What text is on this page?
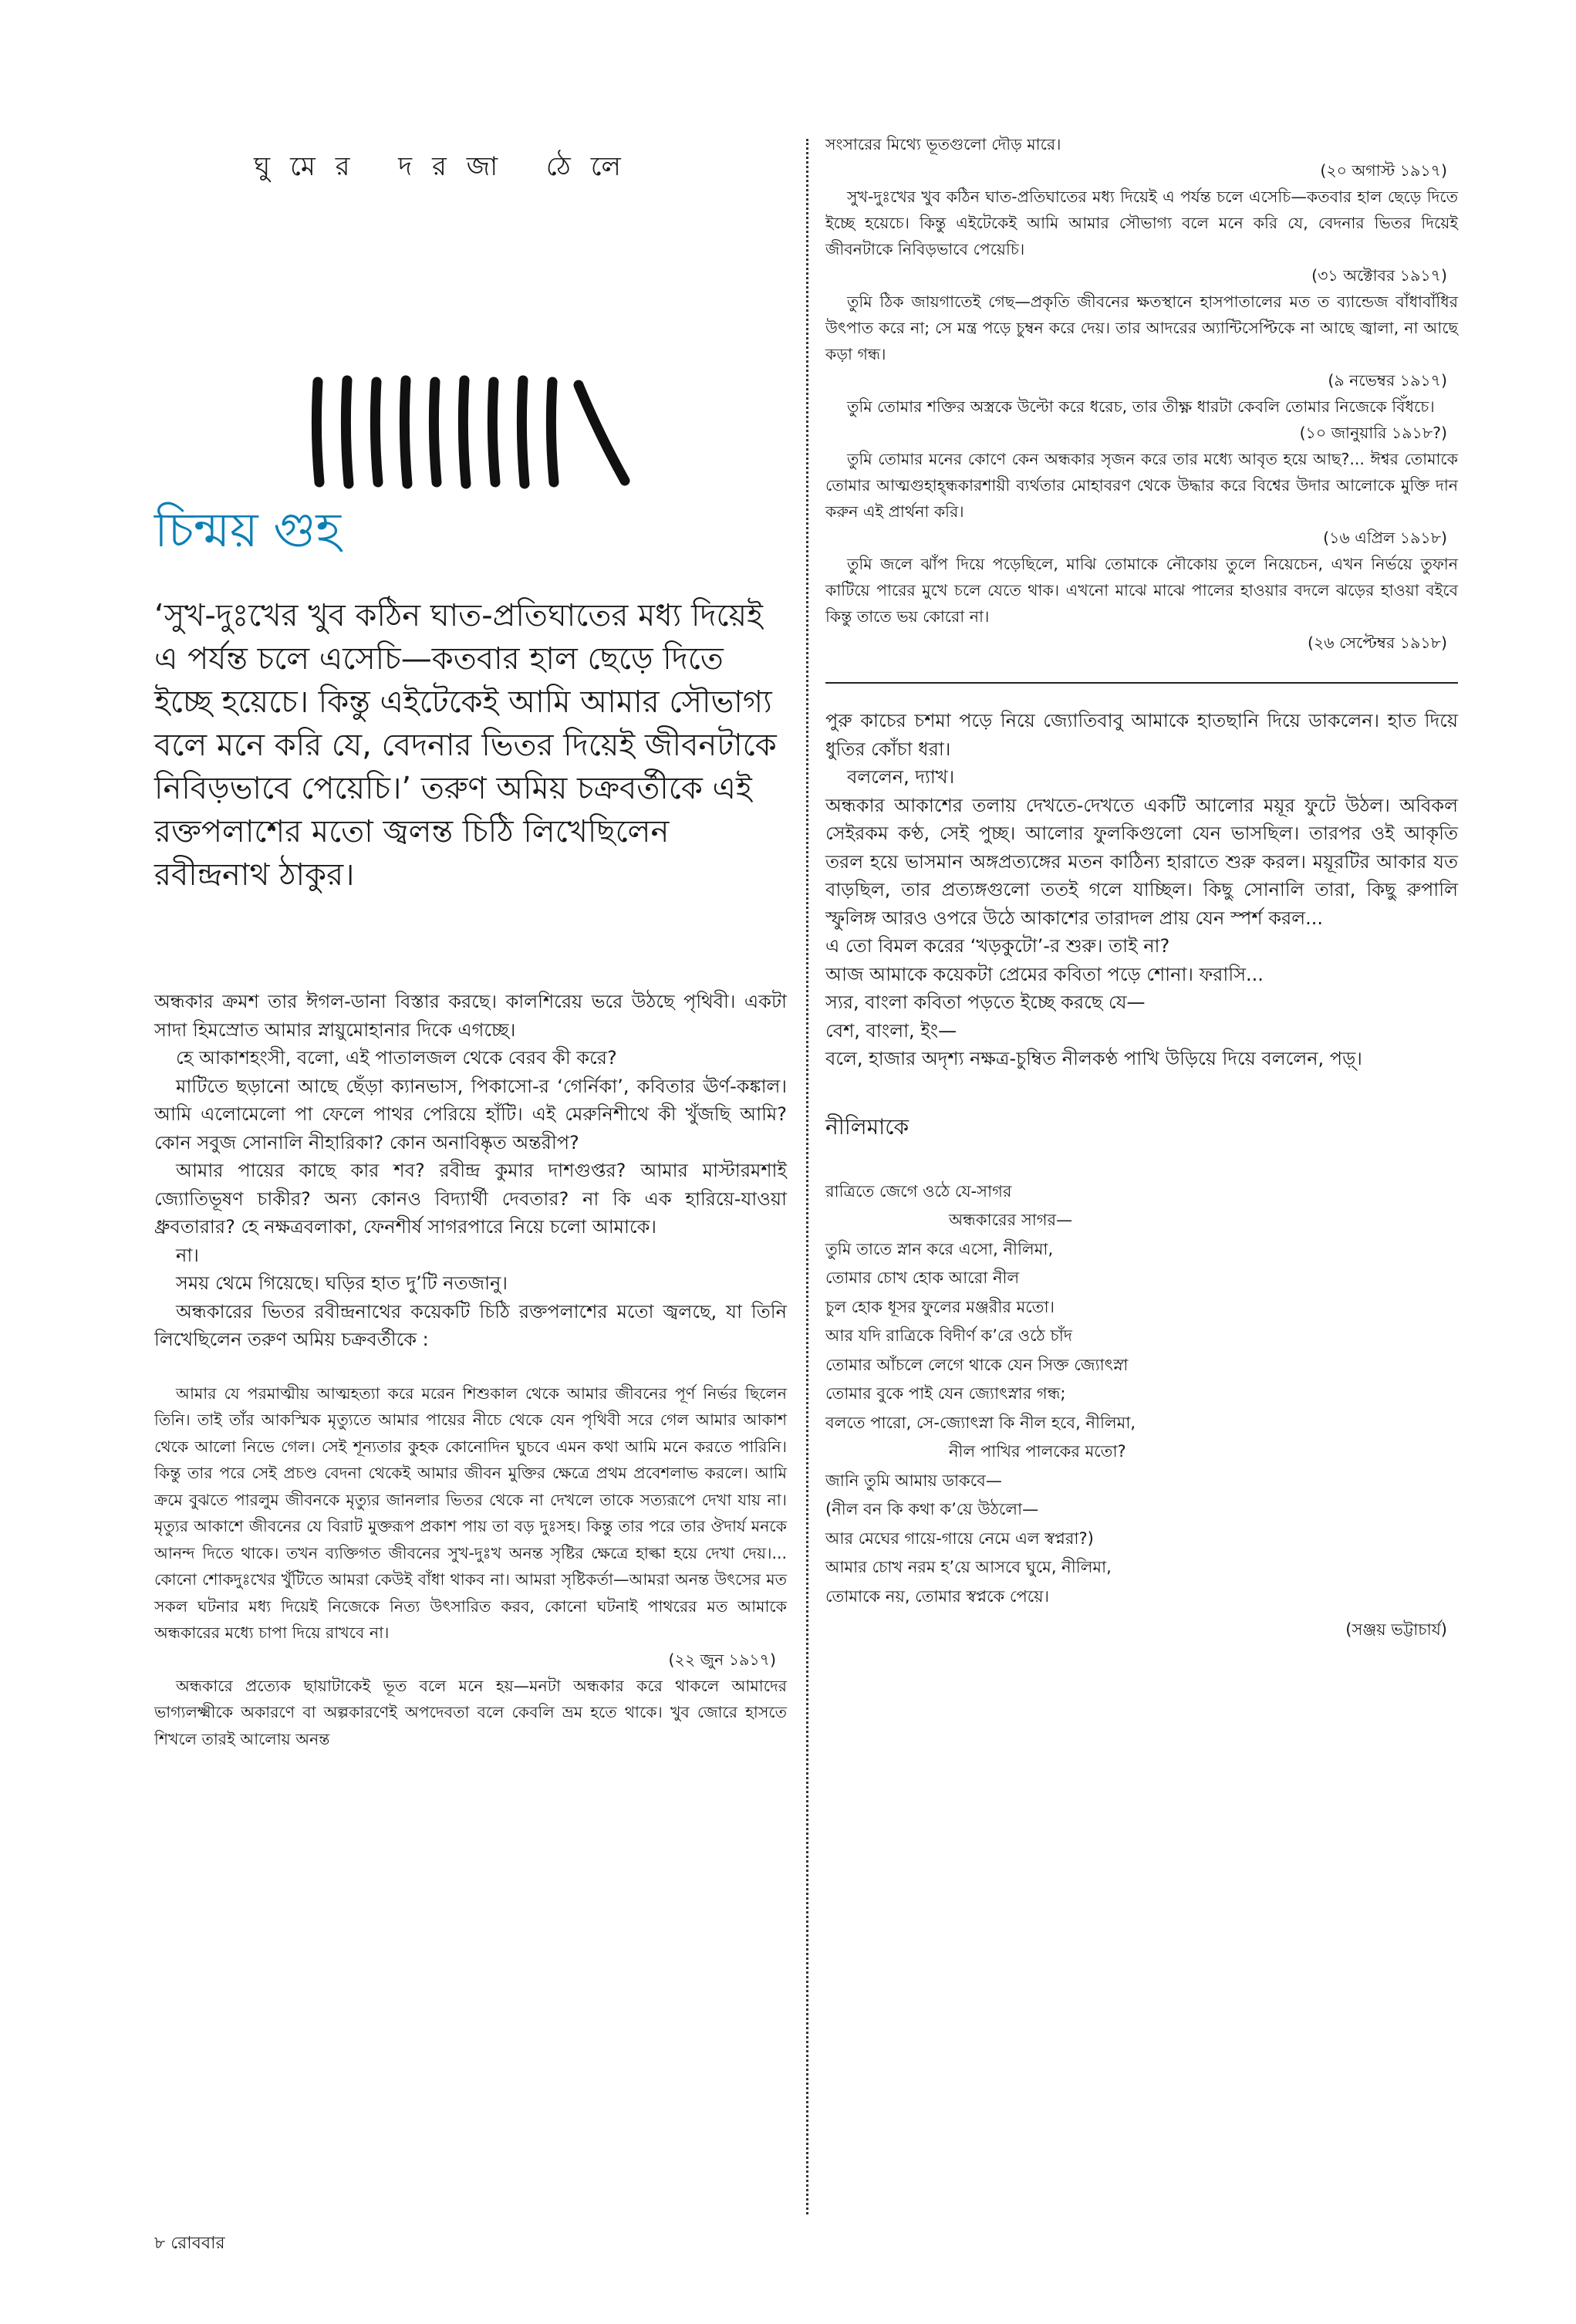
ঘুমের দরজা ঠেলে
চিন্ময় গুহ
‘সুখ-দুঃখের খুব কঠিন ঘাত-প্রতিঘাতের মধ্য দিয়েই এ পর্যন্ত চলে এসেচি—কতবার হাল ছেড়ে দিতে ইচ্ছে হয়েচে। কিন্তু এইটেকেই আমি আমার সৌভাগ্য বলে মনে করি যে, বেদনার ভিতর দিয়েই জীবনটাকে নিবিড়ভাবে পেয়েচি।’ তরুণ অমিয় চক্রবর্তীকে এই রক্তপলাশের মতো জ্বলন্ত চিঠি লিখেছিলেন রবীন্দ্রনাথ ঠাকুর।

অন্ধকার ক্রমশ তার ঈগল-ডানা বিস্তার করছে। কালশিরেয় ভরে উঠছে পৃথিবী। একটা সাদা হিমস্রোত আমার স্নায়ুমোহানার দিকে এগচ্ছে।

হে আকাশহংসী, বলো, এই পাতালজল থেকে বেরব কী করে?

মাটিতে ছড়ানো আছে ছেঁড়া ক্যানভাস, পিকাসো-র ‘গের্নিকা’, কবিতার ঊর্ণ-কঙ্কাল। আমি এলোমেলো পা ফেলে পাথর পেরিয়ে হাঁটি। এই মেরুনিশীথে কী খুঁজছি আমি? কোন সবুজ সোনালি নীহারিকা? কোন অনাবিষ্কৃত অন্তরীপ?

আমার পায়ের কাছে কার শব? রবীন্দ্র কুমার দাশগুপ্তর? আমার মাস্টারমশাই জ্যোতিভূষণ চাকীর? অন্য কোনও বিদ্যার্থী দেবতার? না কি এক হারিয়ে-যাওয়া ধ্রুবতারার? হে নক্ষত্রবলাকা, ফেনশীর্ষ সাগরপারে নিয়ে চলো আমাকে।

না।

সময় থেমে গিয়েছে। ঘড়ির হাত দু’টি নতজানু।

অন্ধকারের ভিতর রবীন্দ্রনাথের কয়েকটি চিঠি রক্তপলাশের মতো জ্বলছে, যা তিনি লিখেছিলেন তরুণ অমিয় চক্রবর্তীকে :

আমার যে পরমাত্মীয় আত্মহত্যা করে মরেন শিশুকাল থেকে আমার জীবনের পূর্ণ নির্ভর ছিলেন তিনি। তাই তাঁর আকস্মিক মৃত্যুতে আমার পায়ের নীচে থেকে যেন পৃথিবী সরে গেল আমার আকাশ থেকে আলো নিভে গেল। সেই শূন্যতার কুহক কোনোদিন ঘুচবে এমন কথা আমি মনে করতে পারিনি। কিন্তু তার পরে সেই প্রচণ্ড বেদনা থেকেই আমার জীবন মুক্তির ক্ষেত্রে প্রথম প্রবেশলাভ করলে। আমি ক্রমে বুঝতে পারলুম জীবনকে মৃত্যুর জানলার ভিতর থেকে না দেখলে তাকে সত্যরূপে দেখা যায় না। মৃত্যুর আকাশে জীবনের যে বিরাট মুক্তরূপ প্রকাশ পায় তা বড় দুঃসহ। কিন্তু তার পরে তার ঔদার্য মনকে আনন্দ দিতে থাকে। তখন ব্যক্তিগত জীবনের সুখ-দুঃখ অনন্ত সৃষ্টির ক্ষেত্রে হাল্কা হয়ে দেখা দেয়।... কোনো শোকদুঃখের খুঁটিতে আমরা কেউই বাঁধা থাকব না। আমরা সৃষ্টিকর্তা—আমরা অনন্ত উৎসের মত সকল ঘটনার মধ্য দিয়েই নিজেকে নিত্য উৎসারিত করব, কোনো ঘটনাই পাথরের মত আমাকে অন্ধকারের মধ্যে চাপা দিয়ে রাখবে না।

(২২ জুন ১৯১৭)

অন্ধকারে প্রত্যেক ছায়াটাকেই ভূত বলে মনে হয়—মনটা অন্ধকার করে থাকলে আমাদের ভাগ্যলক্ষ্মীকে অকারণে বা অল্পকারণেই অপদেবতা বলে কেবলি ভ্রম হতে থাকে। খুব জোরে হাসতে শিখলে তারই আলোয় অনন্ত

সংসারের মিথ্যে ভূতগুলো দৌড় মারে।

(২০ অগাস্ট ১৯১৭)

সুখ-দুঃখের খুব কঠিন ঘাত-প্রতিঘাতের মধ্য দিয়েই এ পর্যন্ত চলে এসেচি—কতবার হাল ছেড়ে দিতে ইচ্ছে হয়েচে। কিন্তু এইটেকেই আমি আমার সৌভাগ্য বলে মনে করি যে, বেদনার ভিতর দিয়েই জীবনটাকে নিবিড়ভাবে পেয়েচি।

(৩১ অক্টোবর ১৯১৭)

তুমি ঠিক জায়গাতেই গেছ—প্রকৃতি জীবনের ক্ষতস্থানে হাসপাতালের মত ত ব্যান্ডেজ বাঁধাবাঁধির উৎপাত করে না; সে মন্ত্র পড়ে চুম্বন করে দেয়। তার আদরের অ্যান্টিসেপ্টিকে না আছে জ্বালা, না আছে কড়া গন্ধ।

(৯ নভেম্বর ১৯১৭)

তুমি তোমার শক্তির অস্ত্রকে উল্টো করে ধরেচ, তার তীক্ষ্ণ ধারটা কেবলি তোমার নিজেকে বিঁধচে।

(১০ জানুয়ারি ১৯১৮?)

তুমি তোমার মনের কোণে কেন অন্ধকার সৃজন করে তার মধ্যে আবৃত হয়ে আছ?... ঈশ্বর তোমাকে তোমার আত্মগুহাহ্ন্ধকারশায়ী ব্যর্থতার মোহাবরণ থেকে উদ্ধার করে বিশ্বের উদার আলোকে মুক্তি দান করুন এই প্রার্থনা করি।

(১৬ এপ্রিল ১৯১৮)

তুমি জলে ঝাঁপ দিয়ে পড়েছিলে, মাঝি তোমাকে নৌকোয় তুলে নিয়েচেন, এখন নির্ভয়ে তুফান কাটিয়ে পারের মুখে চলে যেতে থাক। এখনো মাঝে মাঝে পালের হাওয়ার বদলে ঝড়ের হাওয়া বইবে কিন্তু তাতে ভয় কোরো না।

(২৬ সেপ্টেম্বর ১৯১৮)

পুরু কাচের চশমা পড়ে নিয়ে জ্যোতিবাবু আমাকে হাতছানি দিয়ে ডাকলেন। হাত দিয়ে ধুতির কোঁচা ধরা।

বললেন, দ্যাখ।

অন্ধকার আকাশের তলায় দেখতে-দেখতে একটি আলোর ময়ূর ফুটে উঠল। অবিকল সেইরকম কণ্ঠ, সেই পুচ্ছ। আলোর ফুলকিগুলো যেন ভাসছিল। তারপর ওই আকৃতি তরল হয়ে ভাসমান অঙ্গপ্রত্যঙ্গের মতন কাঠিন্য হারাতে শুরু করল। ময়ূরটির আকার যত বাড়ছিল, তার প্রত্যঙ্গগুলো ততই গলে যাচ্ছিল। কিছু সোনালি তারা, কিছু রুপালি স্ফুলিঙ্গ আরও ওপরে উঠে আকাশের তারাদল প্রায় যেন স্পর্শ করল...

এ তো বিমল করের ‘খড়কুটো’-র শুরু। তাই না?

আজ আমাকে কয়েকটা প্রেমের কবিতা পড়ে শোনা। ফরাসি...

স্যর, বাংলা কবিতা পড়তে ইচ্ছে করছে যে—

বেশ, বাংলা, ইং—

বলে, হাজার অদৃশ্য নক্ষত্র-চুম্বিত নীলকণ্ঠ পাখি উড়িয়ে দিয়ে বললেন, পড়্।

নীলিমাকে
রাত্রিতে জেগে ওঠে যে-সাগর
অন্ধকারের সাগর—
তুমি তাতে স্নান করে এসো, নীলিমা,
তোমার চোখ হোক আরো নীল
চুল হোক ধূসর ফুলের মঞ্জরীর মতো।
আর যদি রাত্রিকে বিদীর্ণ ক’রে ওঠে চাঁদ
তোমার আঁচলে লেগে থাকে যেন সিক্ত জ্যোৎস্না
তোমার বুকে পাই যেন জ্যোৎস্নার গন্ধ;
বলতে পারো, সে-জ্যোৎস্না কি নীল হবে, নীলিমা,
নীল পাখির পালকের মতো?
জানি তুমি আমায় ডাকবে—
(নীল বন কি কথা ক’য়ে উঠলো—
আর মেঘের গায়ে-গায়ে নেমে এল স্বপ্নরা?)
আমার চোখ নরম হ’য়ে আসবে ঘুমে, নীলিমা,
তোমাকে নয়, তোমার স্বপ্নকে পেয়ে।
(সঞ্জয় ভট্টাচার্য)
৮ রোববার
